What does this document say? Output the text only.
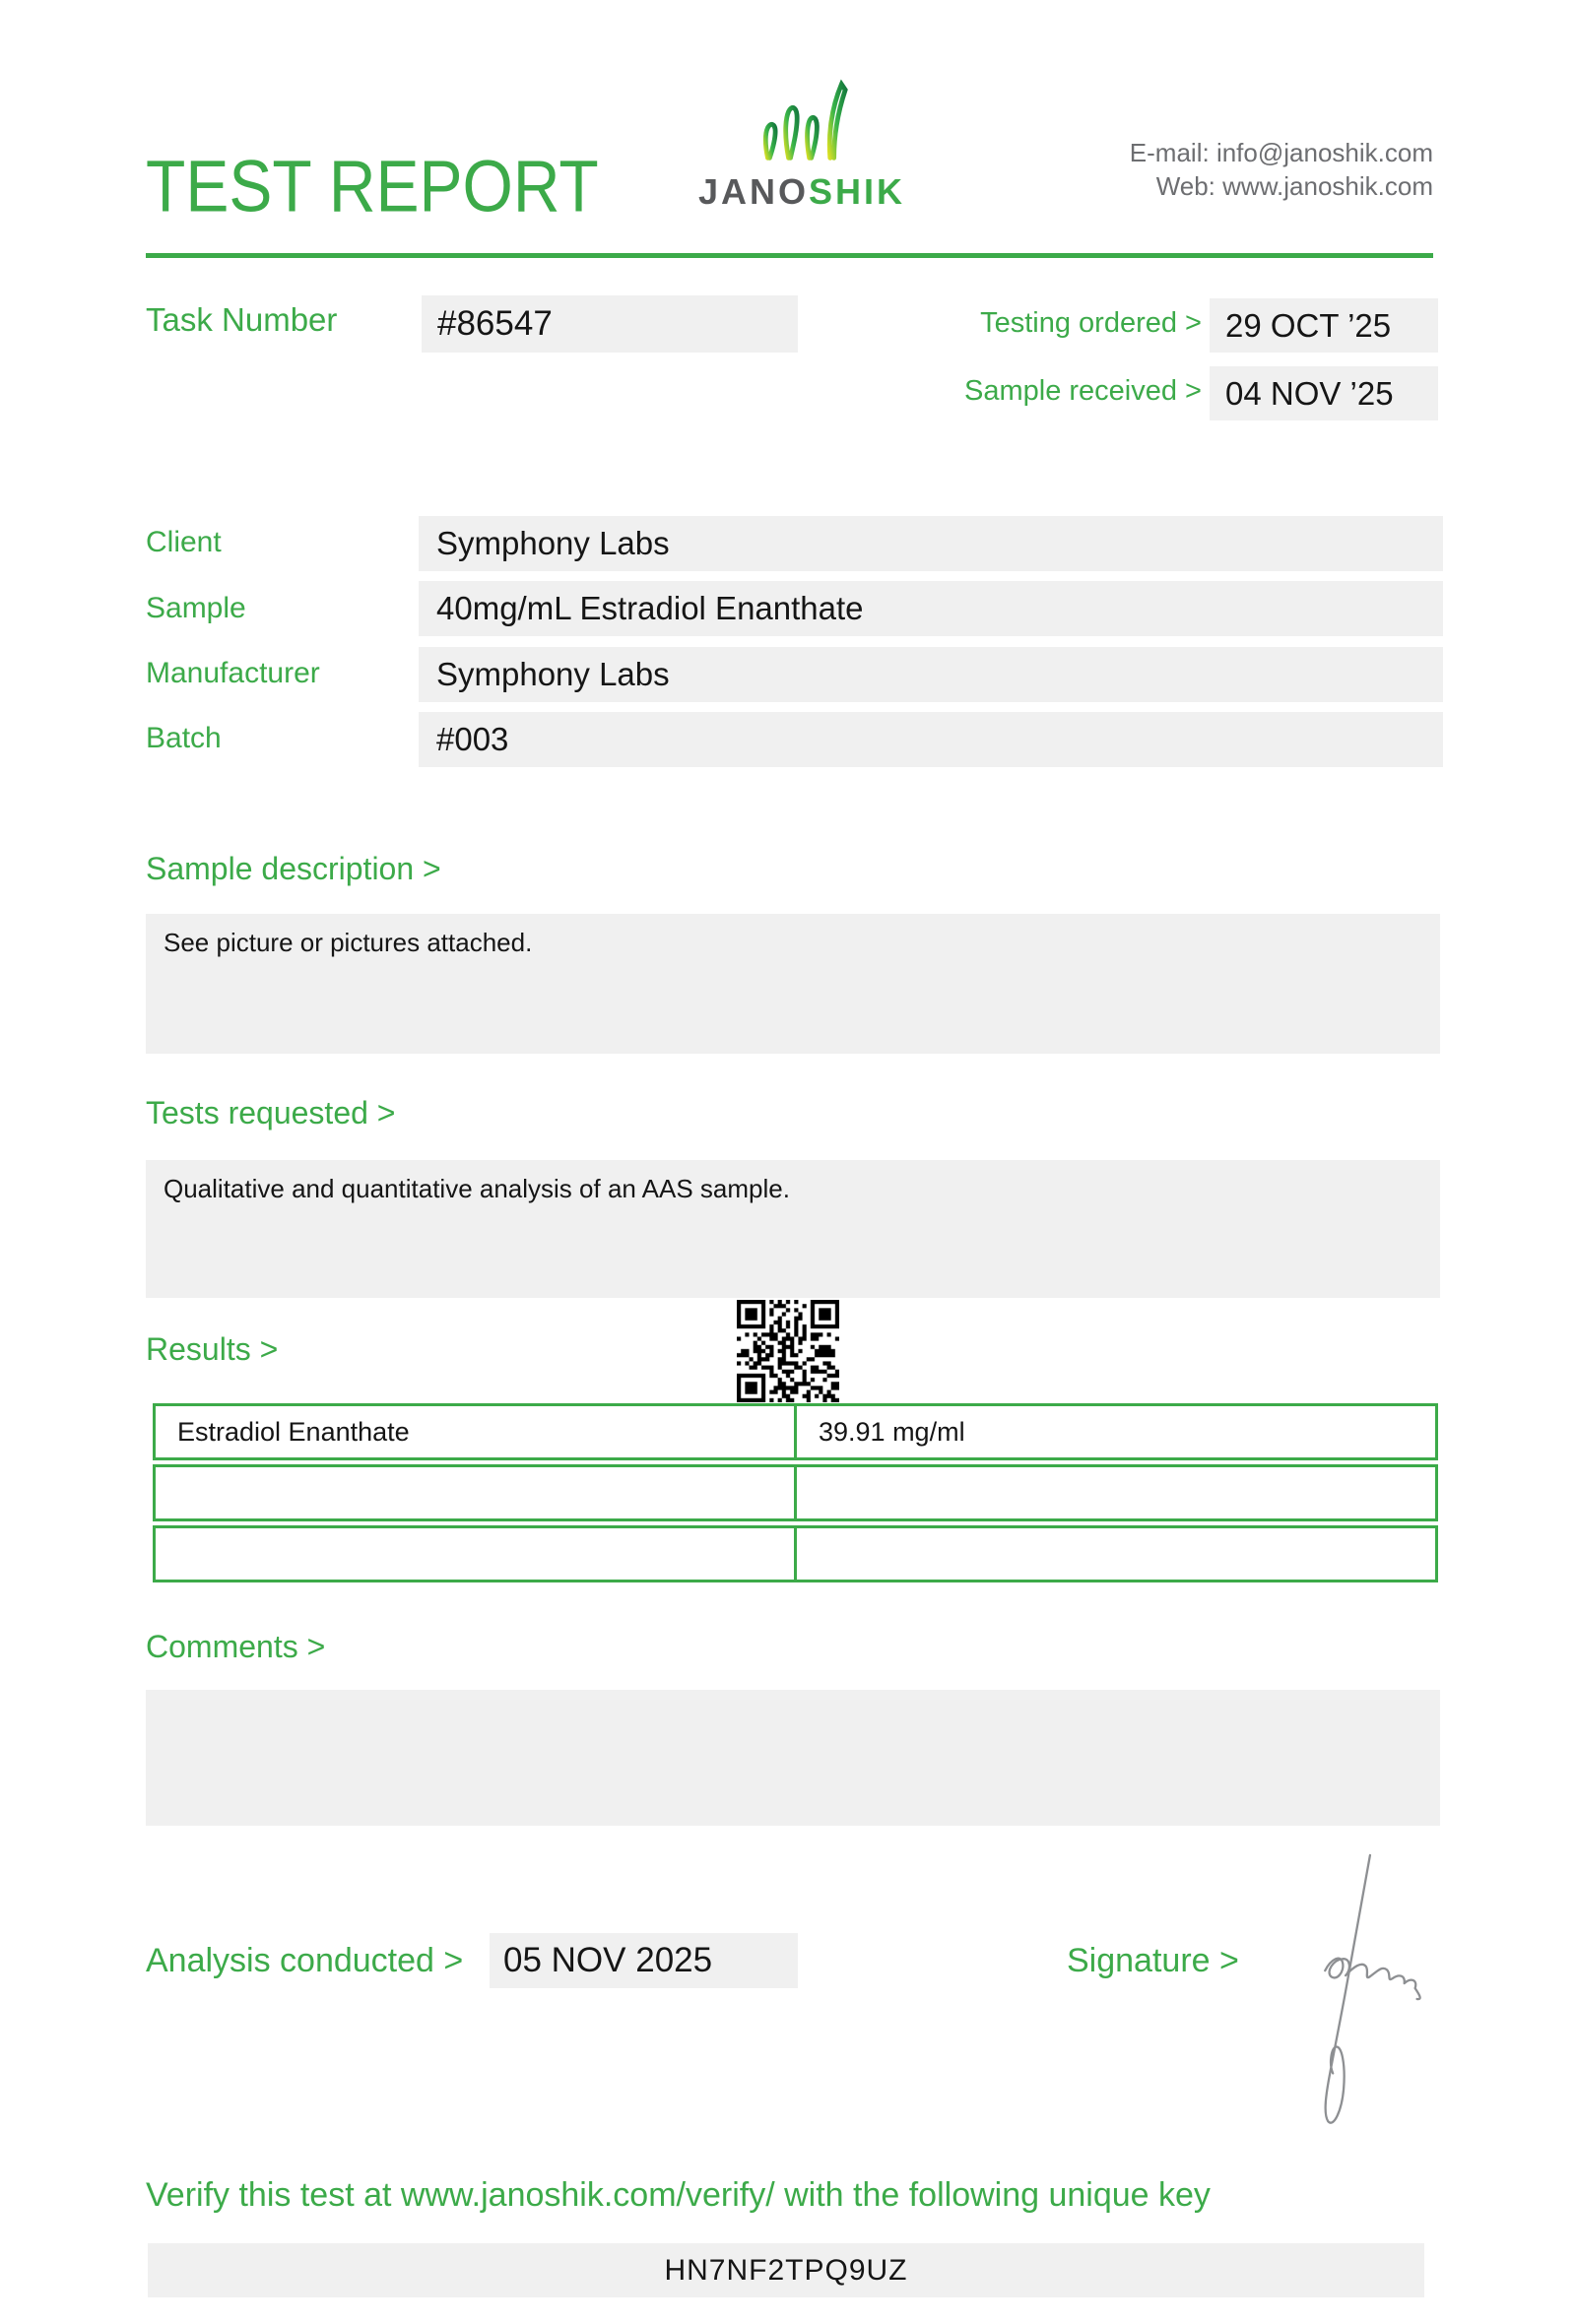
TEST REPORT	JANOSHIK
E-mail: info@janoshik.com
Web: www.janoshik.com
Task Number	#86547	Testing ordered > 29 OCT ’25
Sample received > 04 NOV ’25
Client	Symphony Labs
Sample	40mg/mL Estradiol Enanthate
Manufacturer	Symphony Labs
Batch	#003
Sample description >
See picture or pictures attached.
Tests requested >
Qualitative and quantitative analysis of an AAS sample.
Results >
Estradiol Enanthate	39.91 mg/ml
Comments >
Analysis conducted >	05 NOV 2025	Signature >
Verify this test at www.janoshik.com/verify/ with the following unique key
HN7NF2TPQ9UZ
